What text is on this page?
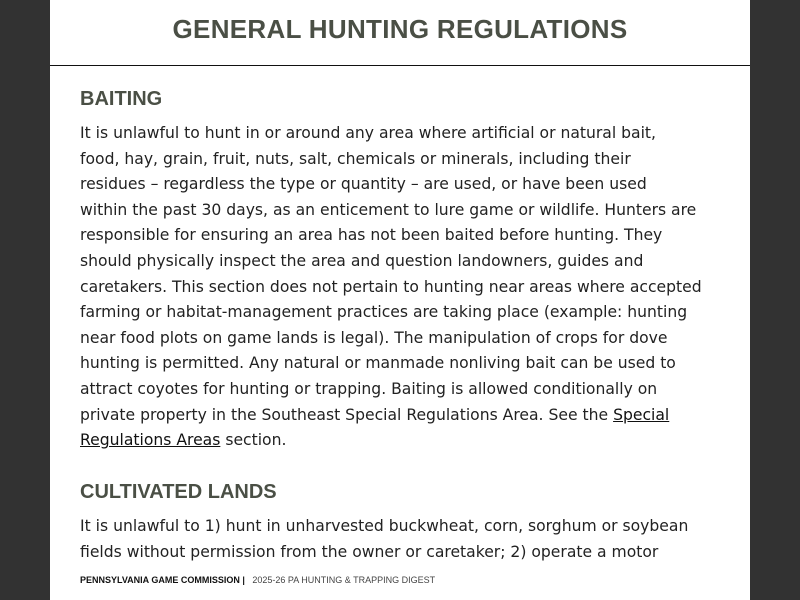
GENERAL HUNTING REGULATIONS
BAITING
It is unlawful to hunt in or around any area where artificial or natural bait,
food, hay, grain, fruit, nuts, salt, chemicals or minerals, including their
residues – regardless the type or quantity – are used, or have been used
within the past 30 days, as an enticement to lure game or wildlife. Hunters are
responsible for ensuring an area has not been baited before hunting. They
should physically inspect the area and question landowners, guides and
caretakers. This section does not pertain to hunting near areas where accepted
farming or habitat-management practices are taking place (example: hunting
near food plots on game lands is legal). The manipulation of crops for dove
hunting is permitted. Any natural or manmade nonliving bait can be used to
attract coyotes for hunting or trapping. Baiting is allowed conditionally on
private property in the Southeast Special Regulations Area. See the Special
Regulations Areas section.
CULTIVATED LANDS
It is unlawful to 1) hunt in unharvested buckwheat, corn, sorghum or soybean
fields without permission from the owner or caretaker; 2) operate a motor
PENNSYLVANIA GAME COMMISSION | 2025-26 PA HUNTING & TRAPPING DIGEST
